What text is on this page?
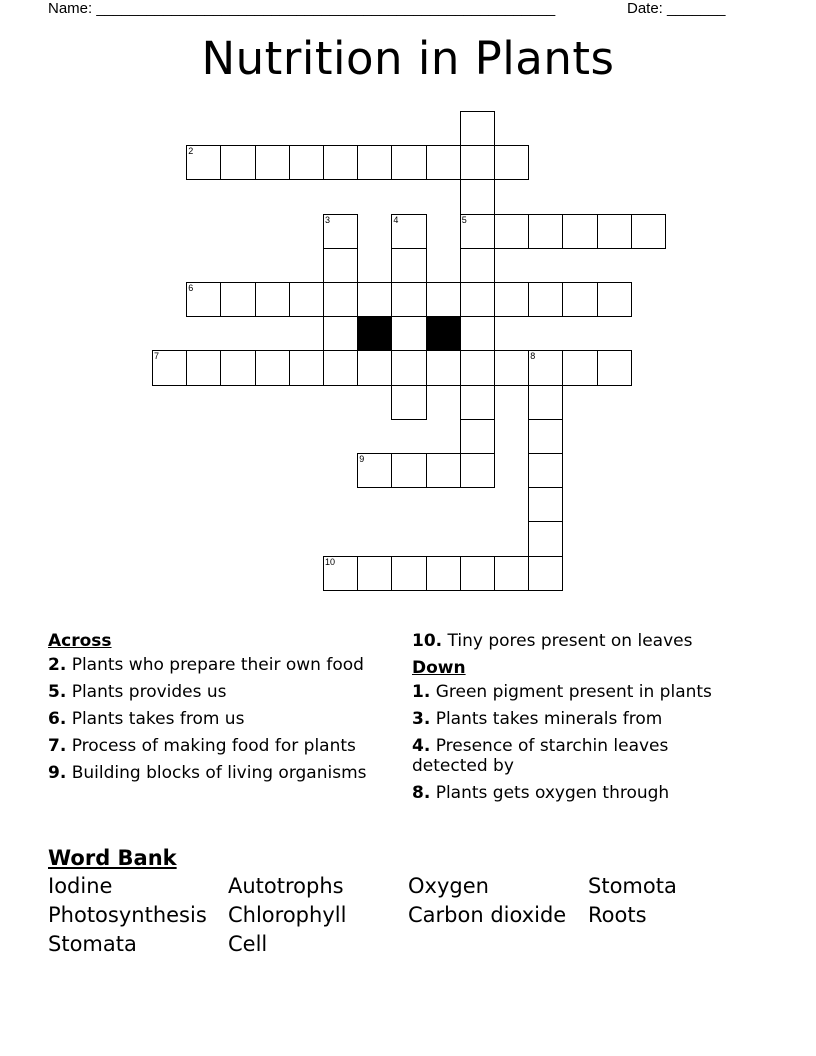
Name: _______________________________________________________	Date: _______
Nutrition in Plants
2
3	4	5
6
7	8
9
10
Across
2. Plants who prepare their own food
5. Plants provides us
6. Plants takes from us
7. Process of making food for plants
9. Building blocks of living organisms
10. Tiny pores present on leaves
Down
1. Green pigment present in plants
3. Plants takes minerals from
4. Presence of starchin leaves detected by
8. Plants gets oxygen through
Word Bank
Iodine	Autotrophs	Oxygen	Stomota
Photosynthesis	Chlorophyll	Carbon dioxide	Roots
Stomata	Cell
